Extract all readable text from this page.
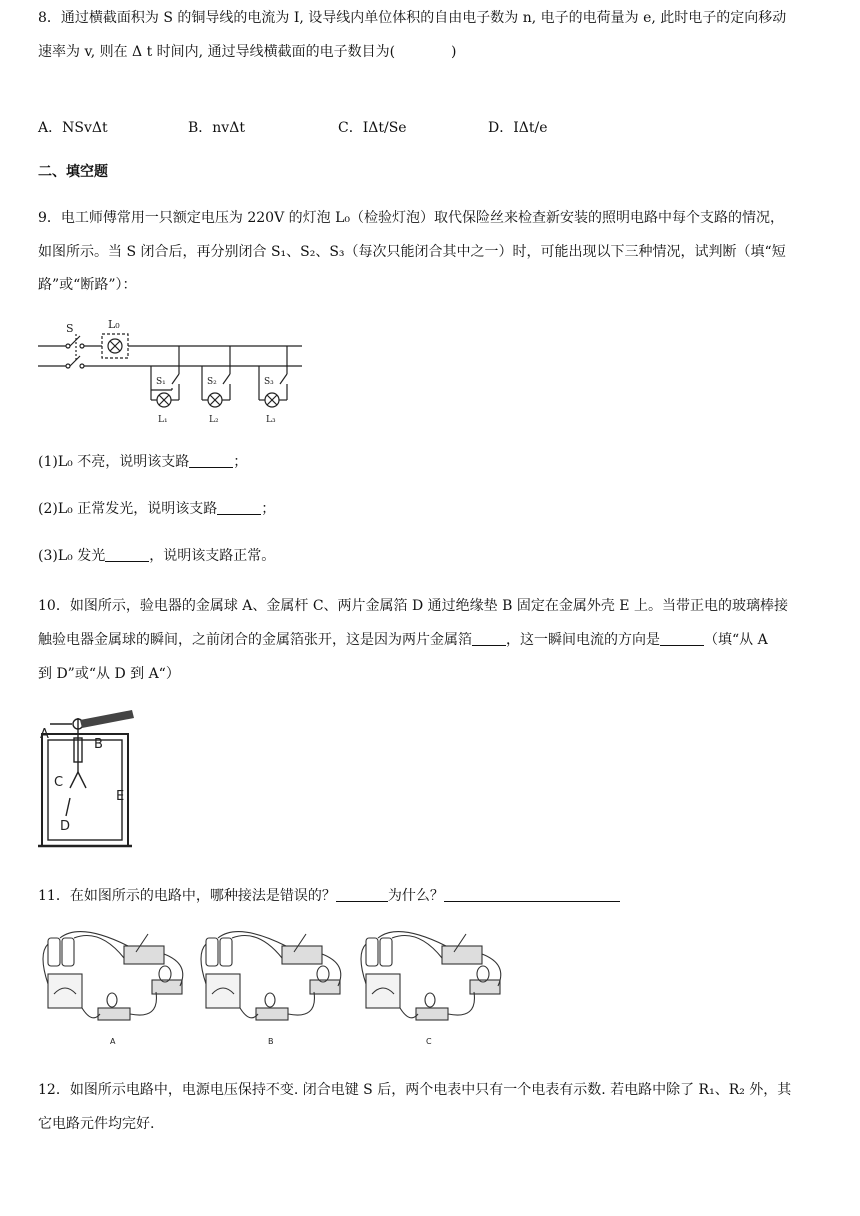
8．通过横截面积为 S 的铜导线的电流为 I, 设导线内单位体积的自由电子数为 n, 电子的电荷量为 e, 此时电子的定向移动

速率为 v, 则在 Δ t 时间内, 通过导线横截面的电子数目为(　　　　)

A．NSvΔt	B．nvΔt	C．IΔt/Se	D．IΔt/e
二、填空题

9．电工师傅常用一只额定电压为 220V 的灯泡 L₀（检验灯泡）取代保险丝来检查新安装的照明电路中每个支路的情况，

如图所示。当 S 闭合后，再分别闭合 S₁、S₂、S₃（每次只能闭合其中之一）时，可能出现以下三种情况，试判断（填“短

路”或“断路”）：

S	L₀
S₁	S₂	S₃
L₁	L₂	L₃

(1)L₀ 不亮，说明该支路	；

(2)L₀ 正常发光，说明该支路	；

(3)L₀ 发光	，说明该支路正常。

10．如图所示，验电器的金属球 A、金属杆 C、两片金属箔 D 通过绝缘垫 B 固定在金属外壳 E 上。当带正电的玻璃棒接

触验电器金属球的瞬间，之前闭合的金属箔张开，这是因为两片金属箔 ，这一瞬间电流的方向是	（填“从 A

到 D”或“从 D 到 A“）

A
B
C
D
E

11．在如图所示的电路中，哪种接法是错误的？	为什么？

A	B	C

12．如图所示电路中，电源电压保持不变. 闭合电键 S 后，两个电表中只有一个电表有示数. 若电路中除了 R₁、R₂ 外，其

它电路元件均完好.
